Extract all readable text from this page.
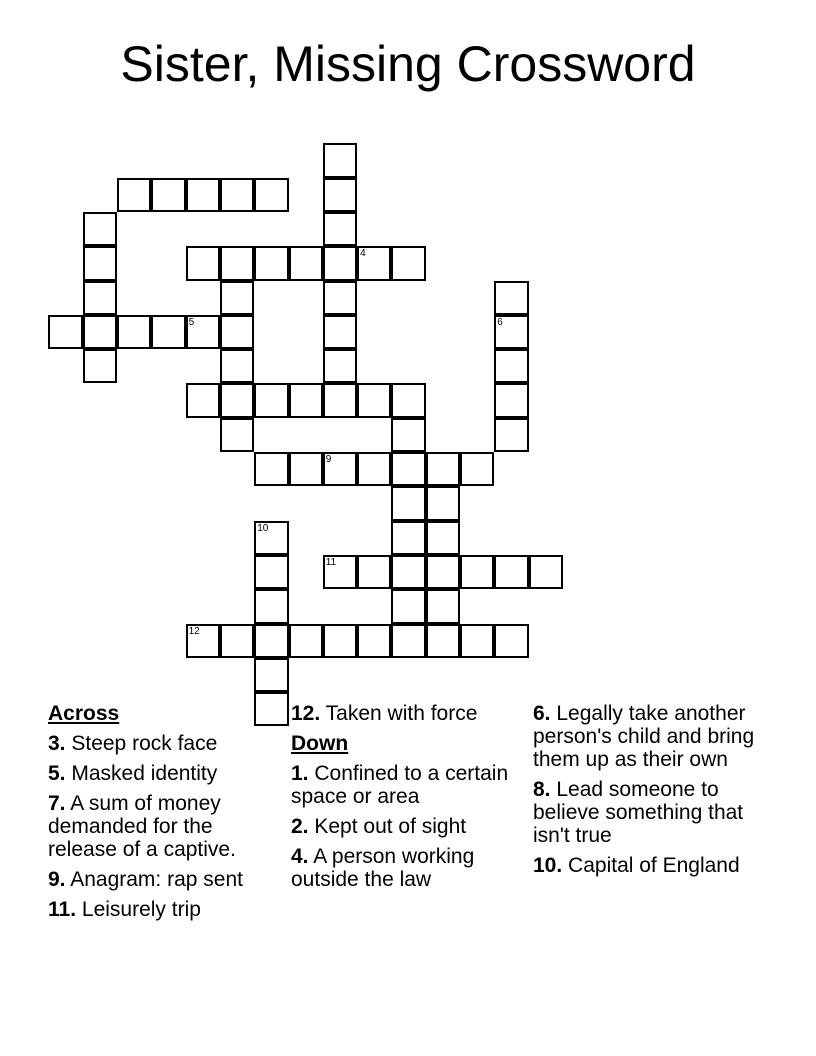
Sister, Missing Crossword
4
5
9
6
11
12
10
Across
3. Steep rock face
5. Masked identity
7. A sum of money demanded for the release of a captive.
9. Anagram: rap sent
11. Leisurely trip
12. Taken with force
Down
1. Confined to a certain space or area
2. Kept out of sight
4. A person working outside the law
6. Legally take another person's child and bring them up as their own
8. Lead someone to believe something that isn't true
10. Capital of England
